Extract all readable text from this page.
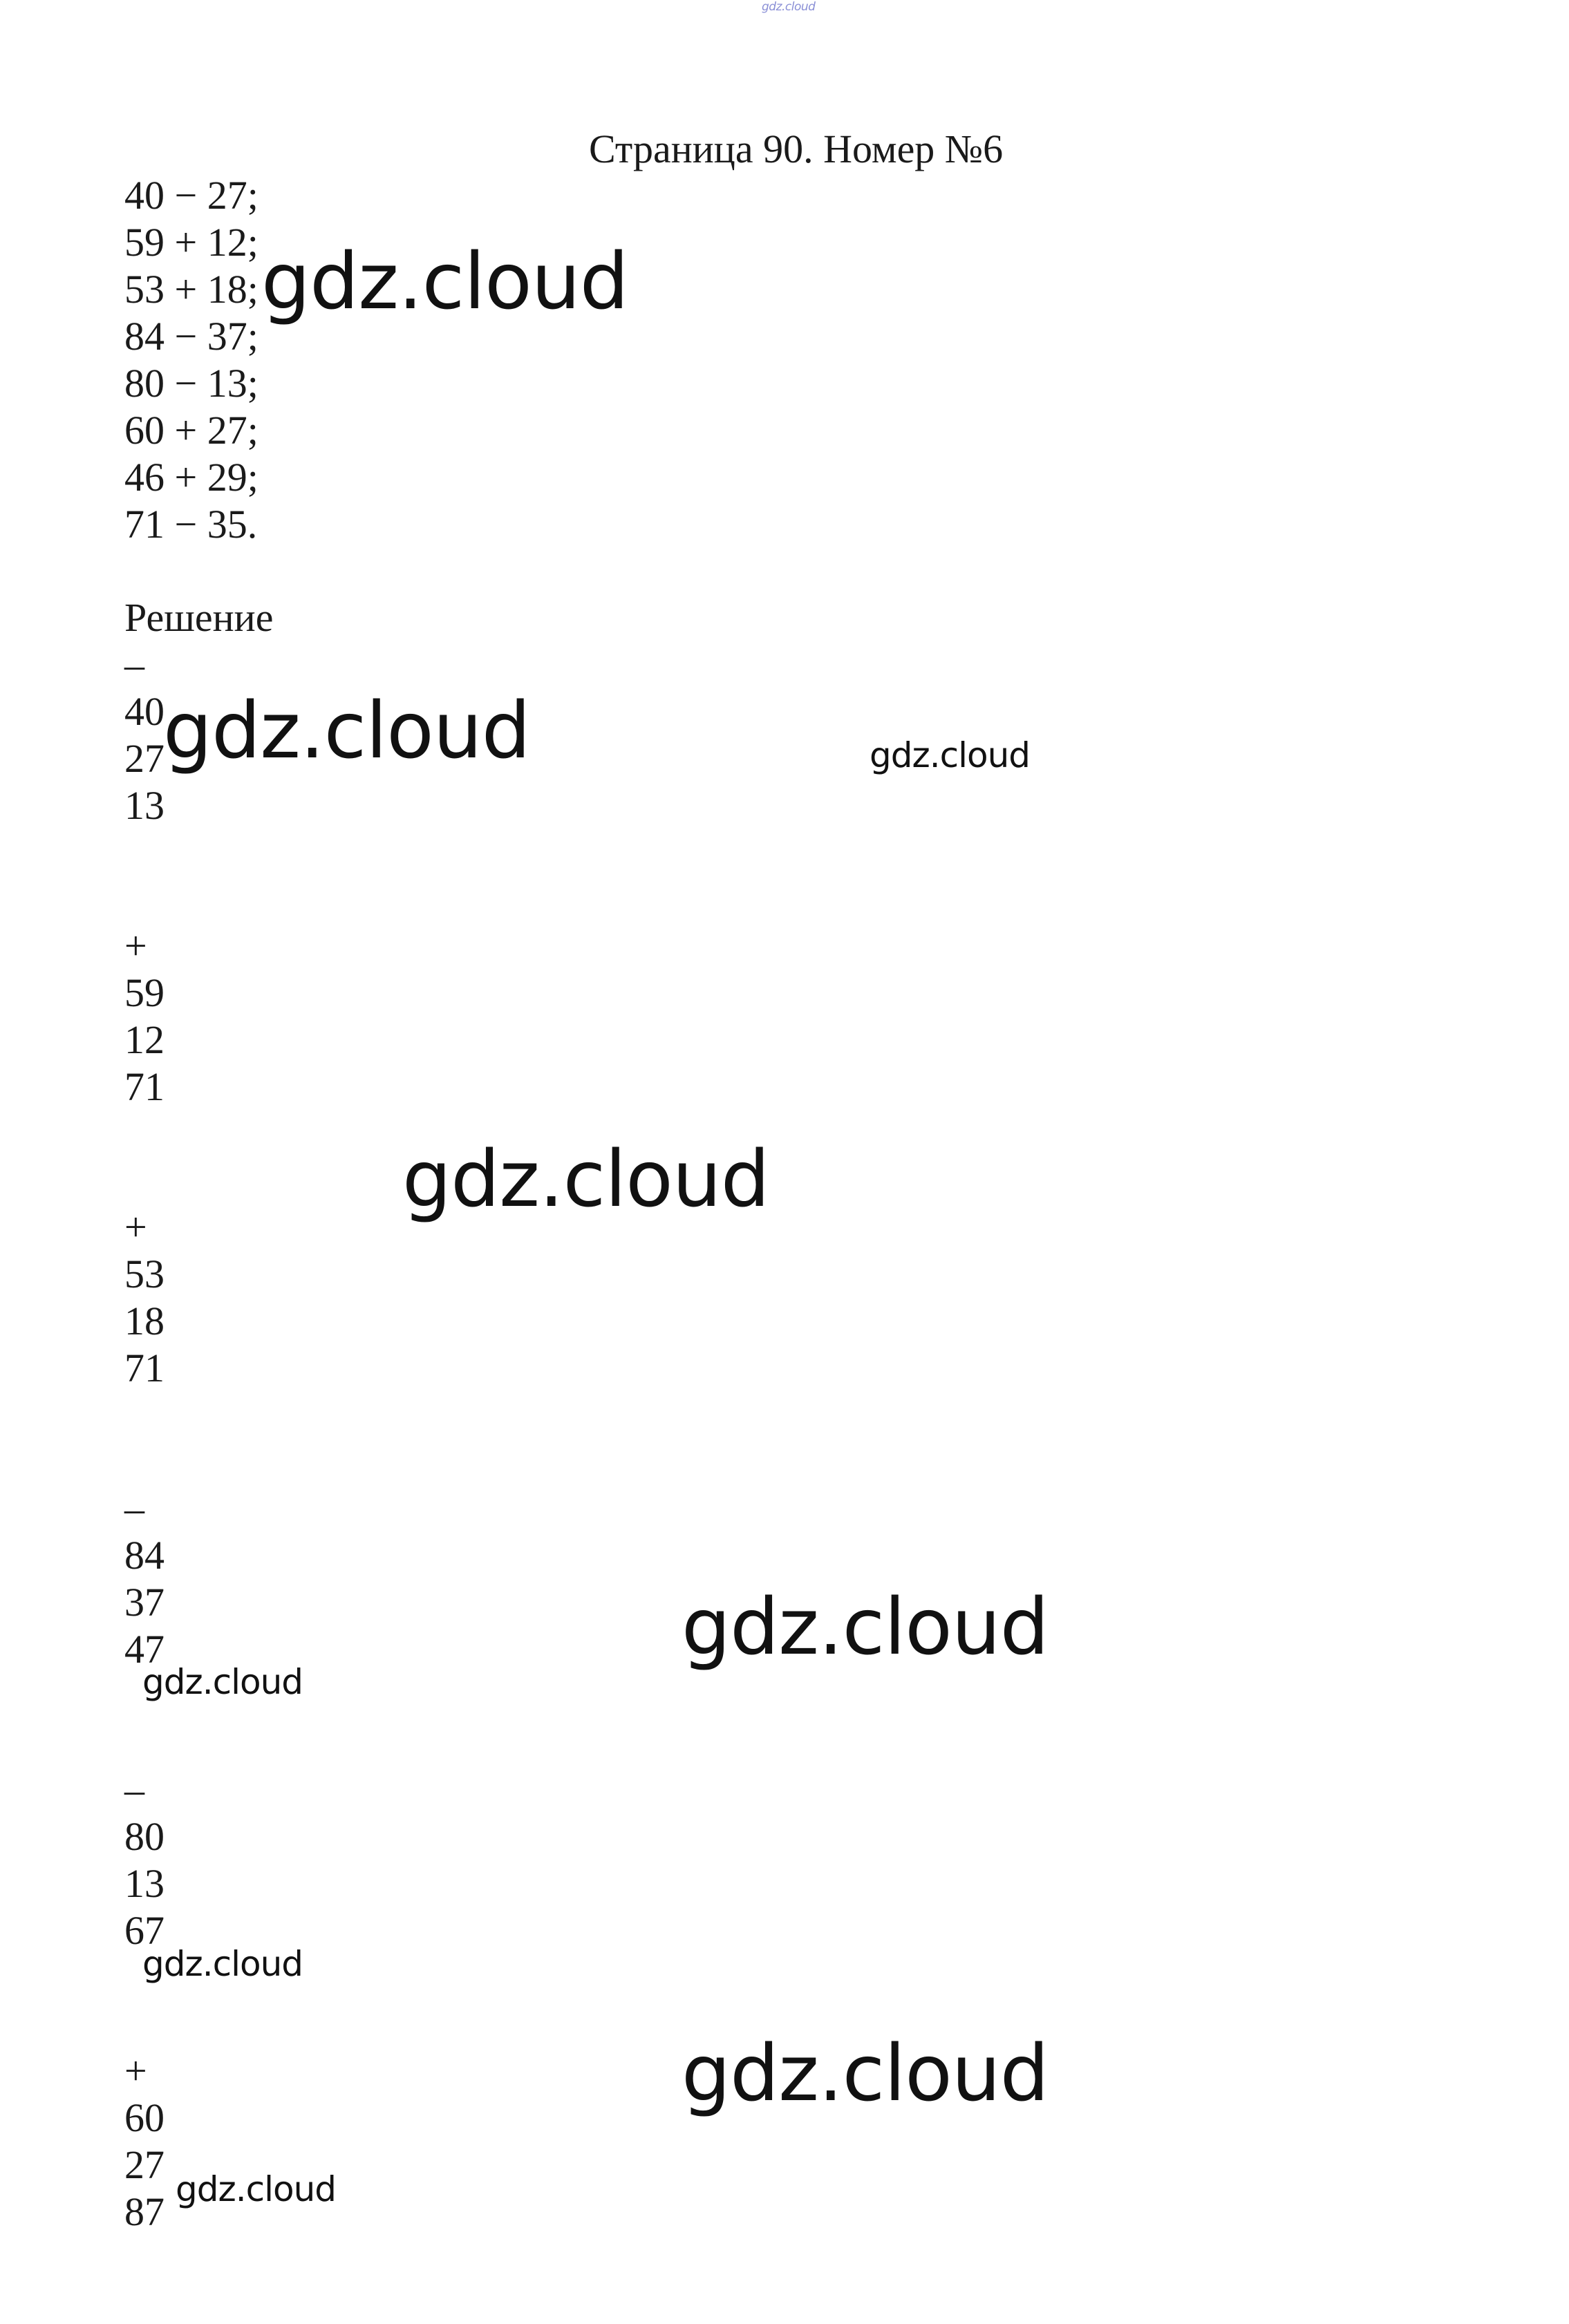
gdz.cloud
Страница 90. Номер №6
40 − 27;
59 + 12;
53 + 18;
84 − 37;
80 − 13;
60 + 27;
46 + 29;
71 − 35.
Решение
–
40
27
13
+
59
12
71
+
53
18
71
–
84
37
47
–
80
13
67
+
60
27
87
gdz.cloud
gdz.cloud	gdz.cloud
gdz.cloud
gdz.cloud
gdz.cloud
gdz.cloud
gdz.cloud
gdz.cloud
